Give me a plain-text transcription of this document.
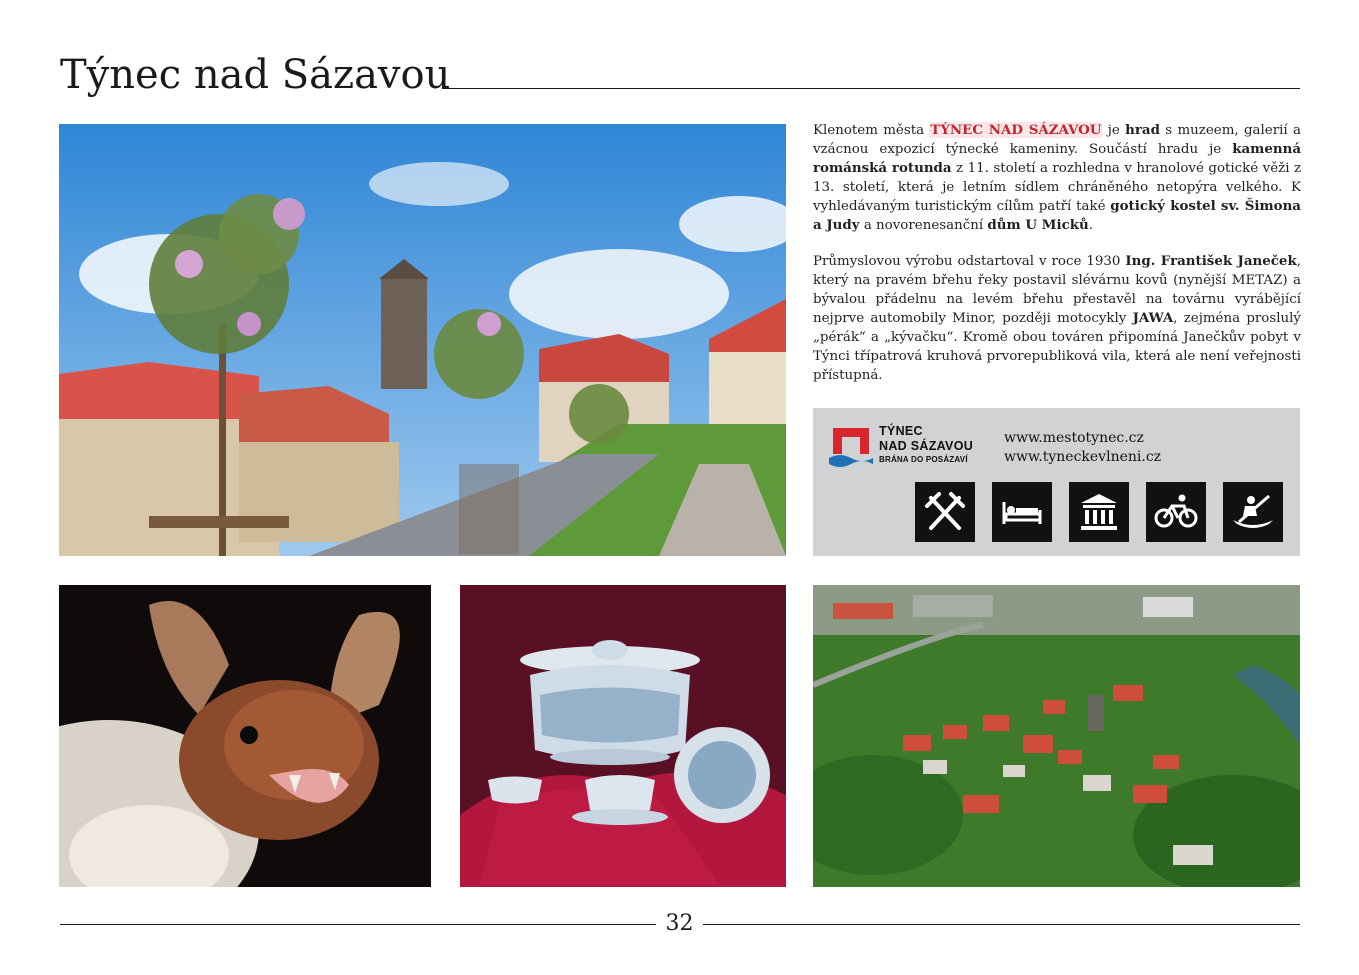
Týnec nad Sázavou

Klenotem města TÝNEC NAD SÁZAVOU je hrad s muzeem, galerií a vzácnou expozicí týnecké kameniny. Součástí hradu je kamenná románská rotunda z 11. století a rozhledna v hranolové gotické věži z 13. století, která je letním sídlem chráněného netopýra velkého. K vyhledávaným turistickým cílům patří také gotický kostel sv. Šimona a Judy a novorenesanční dům U Micků.

Průmyslovou výrobu odstartoval v roce 1930 Ing. František Janeček, který na pravém břehu řeky postavil slévárnu kovů (nynější METAZ) a bývalou přádelnu na levém břehu přestavěl na továrnu vyrábějící nejprve automobily Minor, později motocykly JAWA, zejména proslulý „pérák“ a „kývačku“. Kromě obou továren připomíná Janečkův pobyt v Týnci třípatrová kruhová prvorepubliková vila, která ale není veřejnosti přístupná.

TÝNEC
NAD SÁZAVOU
BRÁNA DO POSÁZAVÍ
www.mestotynec.cz
www.tyneckevlneni.cz
32
